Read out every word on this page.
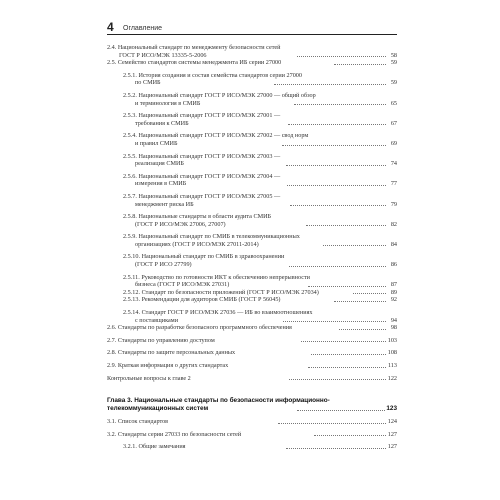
4	Оглавление
2.4. Национальный стандарт по менеджменту безопасности сетей
ГОСТ Р ИСО/МЭК 13335-5-2006	58
2.5. Семейство стандартов системы менеджмента ИБ серии 27000	59
2.5.1. История создания и состав семейства стандартов серии 27000
по СМИБ	59
2.5.2. Национальный стандарт ГОСТ Р ИСО/МЭК 27000 — общий обзор
и терминология в СМИБ	65
2.5.3. Национальный стандарт ГОСТ Р ИСО/МЭК 27001 —
требования к СМИБ	67
2.5.4. Национальный стандарт ГОСТ Р ИСО/МЭК 27002 — свод норм
и правил СМИБ	69
2.5.5. Национальный стандарт ГОСТ Р ИСО/МЭК 27003 —
реализация СМИБ	74
2.5.6. Национальный стандарт ГОСТ Р ИСО/МЭК 27004 —
измерения в СМИБ	77
2.5.7. Национальный стандарт ГОСТ Р ИСО/МЭК 27005 —
менеджмент риска ИБ	79
2.5.8. Национальные стандарты в области аудита СМИБ
(ГОСТ Р ИСО/МЭК 27006, 27007)	82
2.5.9. Национальный стандарт по СМИБ в телекоммуникационных
организациях (ГОСТ Р ИСО/МЭК 27011-2014)	84
2.5.10. Национальный стандарт по СМИБ в здравоохранении
(ГОСТ Р ИСО 27799)	86
2.5.11. Руководство по готовности ИКТ к обеспечению непрерывности
бизнеса (ГОСТ Р ИСО/МЭК 27031)	87
2.5.12. Стандарт по безопасности приложений (ГОСТ Р ИСО/МЭК 27034)	89
2.5.13. Рекомендации для аудиторов СМИБ (ГОСТ Р 56045)	92
2.5.14. Стандарт ГОСТ Р ИСО/МЭК 27036 — ИБ во взаимоотношениях
с поставщиками	94
2.6. Стандарты по разработке безопасного программного обеспечения	98
2.7. Стандарты по управлению доступом	103
2.8. Стандарты по защите персональных данных	108
2.9. Краткая информация о других стандартах	113
Контрольные вопросы к главе 2	122
Глава 3. Национальные стандарты по безопасности информационно-
телекоммуникационных систем	123
3.1. Список стандартов	124
3.2. Стандарты серии 27033 по безопасности сетей	127
3.2.1. Общие замечания	127
